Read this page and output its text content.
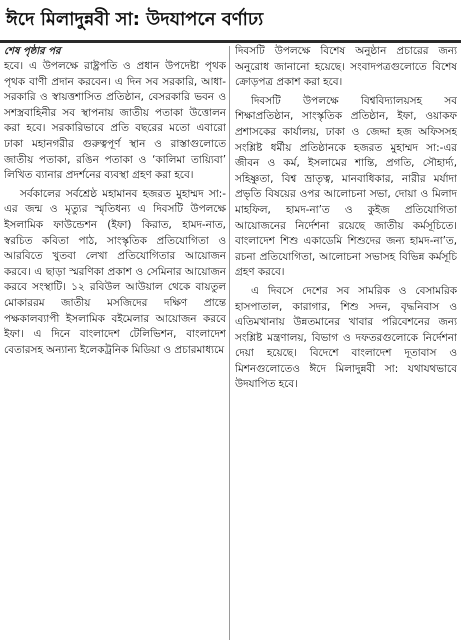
ঈদে মিলাদুন্নবী সা: উদযাপনে বর্ণাঢ্য

শেষ পৃষ্ঠার পর

হবে। এ উপলক্ষে রাষ্ট্রপতি ও প্রধান উপদেষ্টা পৃথক পৃথক বাণী প্রদান করবেন। এ দিন সব সরকারি, আধা-সরকারি ও স্বায়ত্তশাসিত প্রতিষ্ঠান, বেসরকারি ভবন ও সশস্ত্রবাহিনীর সব স্থাপনায় জাতীয় পতাকা উত্তোলন করা হবে। সরকারিভাবে প্রতি বছরের মতো এবারো ঢাকা মহানগরীর গুরুত্বপূর্ণ স্থান ও রাস্তাগুলোতে জাতীয় পতাকা, রঙিন পতাকা ও ‘কালিমা তায়্যিবা’ লিখিত ব্যানার প্রদর্শনের ব্যবস্থা গ্রহণ করা হবে।

সর্বকালের সর্বশ্রেষ্ঠ মহামানব হজরত মুহাম্মদ সা:-এর জন্ম ও মৃত্যুর স্মৃতিধন্য এ দিবসটি উপলক্ষে ইসলামিক ফাউন্ডেশন (ইফা) কিরাত, হামদ-নাত, স্বরচিত কবিতা পাঠ, সাংস্কৃতিক প্রতিযোগিতা ও আরবিতে খুতবা লেখা প্রতিযোগিতার আয়োজন করবে। এ ছাড়া স্মরণিকা প্রকাশ ও সেমিনার আয়োজন করবে সংস্থাটি। ১২ রবিউল আউয়াল থেকে বায়তুল মোকাররম জাতীয় মসজিদের দক্ষিণ প্রান্তে পক্ষকালব্যাপী ইসলামিক বইমেলার আয়োজন করবে ইফা। এ দিনে বাংলাদেশ টেলিভিশন, বাংলাদেশ বেতারসহ অন্যান্য ইলেকট্রনিক মিডিয়া ও প্রচারমাধ্যমে

দিবসটি উপলক্ষে বিশেষ অনুষ্ঠান প্রচারের জন্য অনুরোধ জানানো হয়েছে। সংবাদপত্রগুলোতে বিশেষ ক্রোড়পত্র প্রকাশ করা হবে।

দিবসটি উপলক্ষে বিশ্ববিদ্যালয়সহ সব শিক্ষাপ্রতিষ্ঠান, সাংস্কৃতিক প্রতিষ্ঠান, ইফা, ওয়াকফ প্রশাসকের কার্যালয়, ঢাকা ও জেদ্দা হজ অফিসসহ সংশ্লিষ্ট ধর্মীয় প্রতিষ্ঠানকে হজরত মুহাম্মদ সা:-এর জীবন ও কর্ম, ইসলামের শান্তি, প্রগতি, সৌহার্দ্য, সহিষ্ণুতা, বিশ্ব ভ্রাতৃত্ব, মানবাধিকার, নারীর মর্যাদা প্রভৃতি বিষয়ের ওপর আলোচনা সভা, দোয়া ও মিলাদ মাহফিল, হামদ-না’ত ও কুইজ প্রতিযোগিতা আয়োজনের নির্দেশনা রয়েছে জাতীয় কর্মসূচিতে। বাংলাদেশ শিশু একাডেমি শিশুদের জন্য হামদ-না’ত, রচনা প্রতিযোগিতা, আলোচনা সভাসহ বিভিন্ন কর্মসূচি গ্রহণ করবে।

এ দিবসে দেশের সব সামরিক ও বেসামরিক হাসপাতাল, কারাগার, শিশু সদন, বৃদ্ধনিবাস ও এতিমখানায় উন্নতমানের খাবার পরিবেশনের জন্য সংশ্লিষ্ট মন্ত্রণালয়, বিভাগ ও দফতরগুলোকে নির্দেশনা দেয়া হয়েছে। বিদেশে বাংলাদেশ দূতাবাস ও মিশনগুলোতেও ঈদে মিলাদুন্নবী সা: যথাযথভাবে উদযাপিত হবে।
